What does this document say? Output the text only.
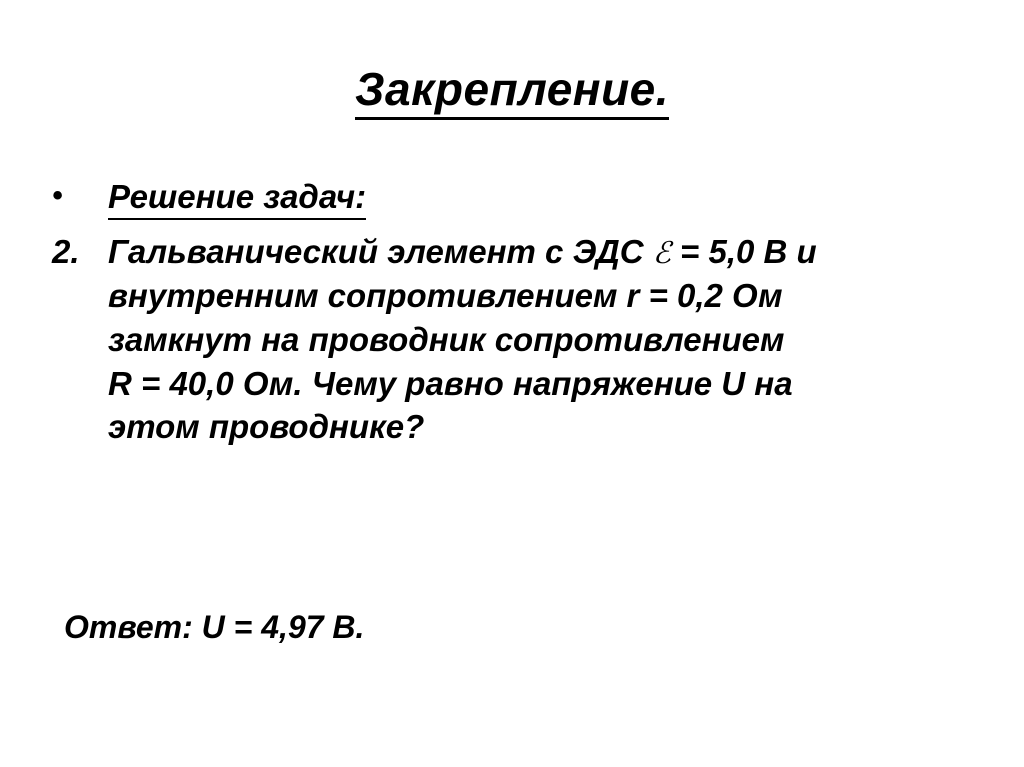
Закрепление.
•	Решение задач:
2. Гальванический элемент с ЭДС ℰ = 5,0 В и
внутренним сопротивлением r = 0,2 Ом
замкнут на проводник сопротивлением
R = 40,0 Ом. Чему равно напряжение U на
этом проводнике?
Ответ: U = 4,97 В.
